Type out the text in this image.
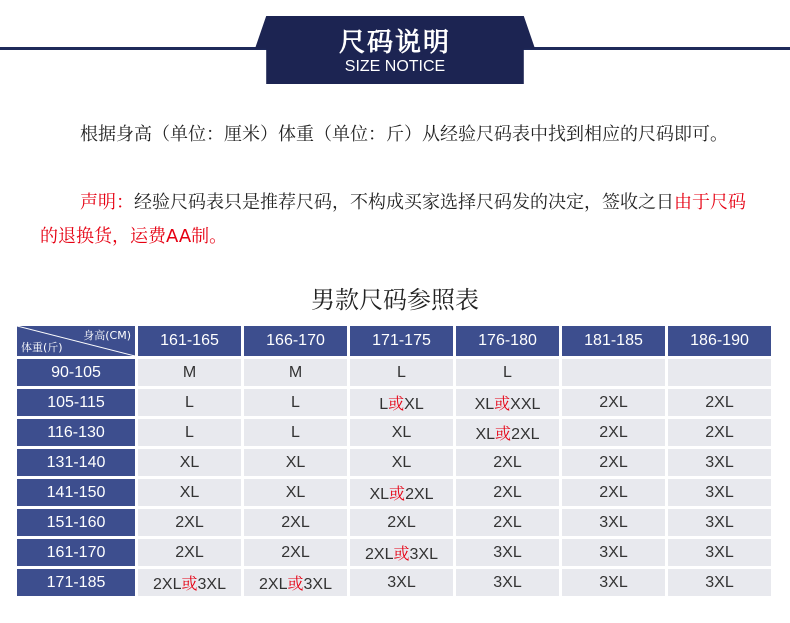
尺码说明
SIZE NOTICE
根据身高（单位：厘米）体重（单位：斤）从经验尺码表中找到相应的尺码即可。
声明：经验尺码表只是推荐尺码，不构成买家选择尺码发的决定，签收之日由于尺码的退换货，运费AA制。
男款尺码参照表
身高(CM)
体重(斤)	161-165	166-170	171-175	176-180	181-185	186-190
90-105	M	M	L	L		
105-115	L	L	L或XL	XL或XXL	2XL	2XL
116-130	L	L	XL	XL或2XL	2XL	2XL
131-140	XL	XL	XL	2XL	2XL	3XL
141-150	XL	XL	XL或2XL	2XL	2XL	3XL
151-160	2XL	2XL	2XL	2XL	3XL	3XL
161-170	2XL	2XL	2XL或3XL	3XL	3XL	3XL
171-185	2XL或3XL	2XL或3XL	3XL	3XL	3XL	3XL
